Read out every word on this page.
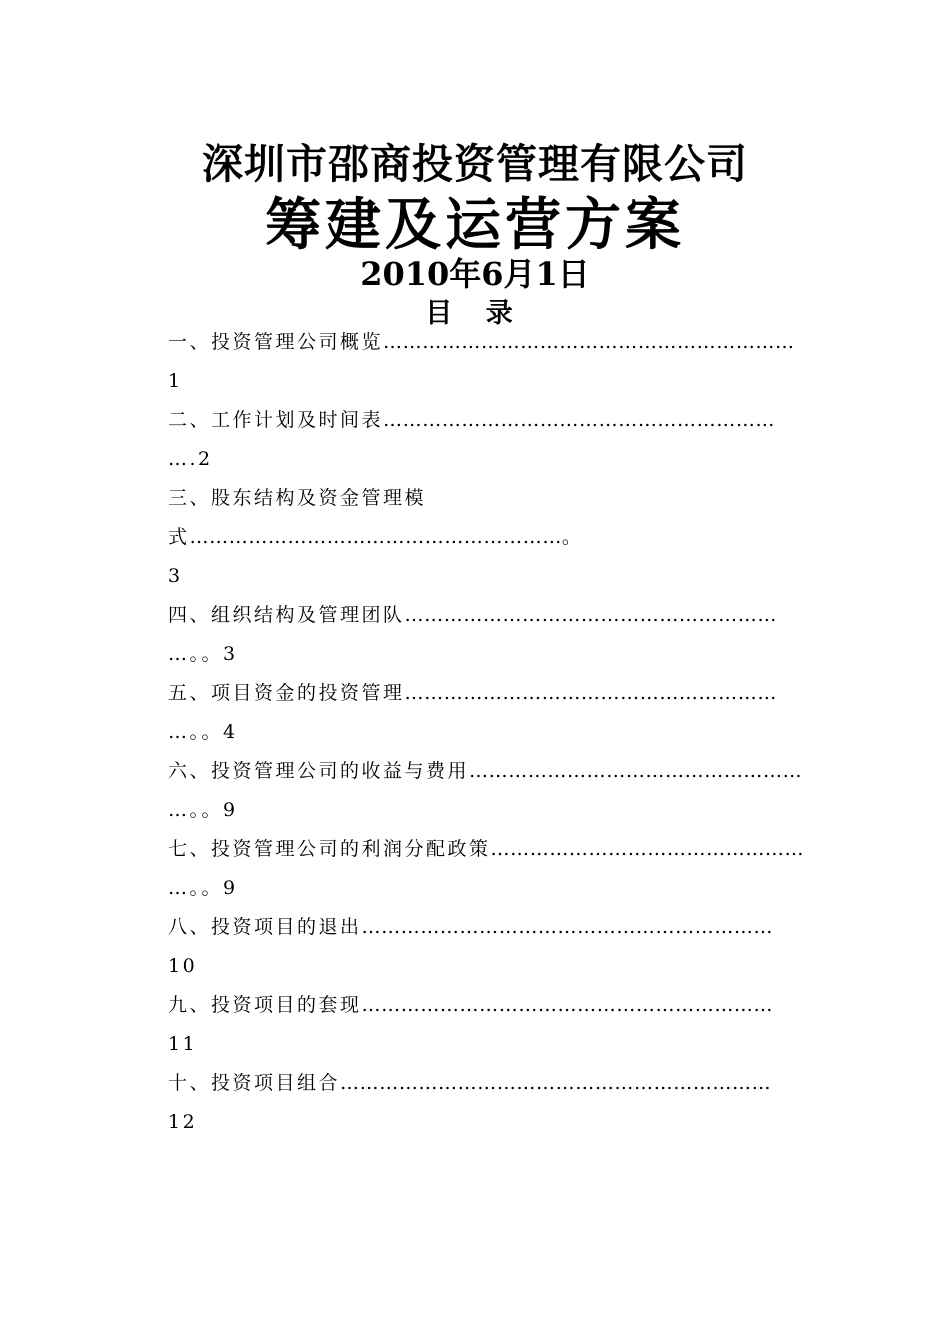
深圳市邵商投资管理有限公司
筹建及运营方案
2010年6月1日
目 录
一、投资管理公司概览………………………………………………………1
二、工作计划及时间表……………………………………………………
….2
三、股东结构及资金管理模式…………………………………………………。
3
四、组织结构及管理团队…………………………………………………
…。。3
五、项目资金的投资管理…………………………………………………
…。。4
六、投资管理公司的收益与费用……………………………………………
…。。9
七、投资管理公司的利润分配政策…………………………………………
…。。9
八、投资项目的退出………………………………………………………
10
九、投资项目的套现………………………………………………………
11
十、投资项目组合…………………………………………………………
12
